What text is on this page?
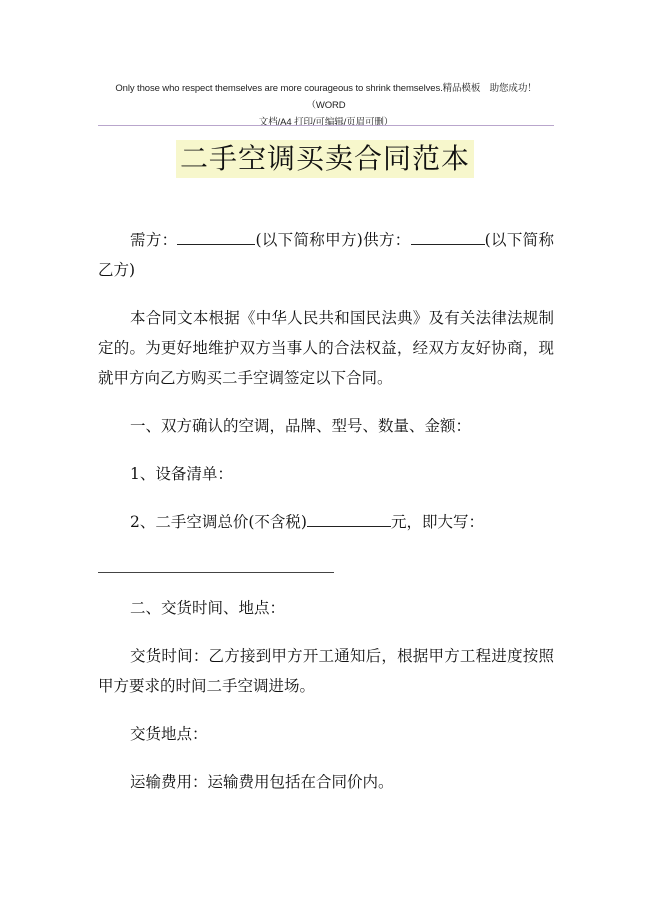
Only those who respect themselves are more courageous to shrink themselves.精品模板　助您成功！（WORD
文档/A4 打印/可编辑/页眉可删）
二手空调买卖合同范本

需方：	(以下简称甲方)供方：	(以下简称乙方)

本合同文本根据《中华人民共和国民法典》及有关法律法规制定的。为更好地维护双方当事人的合法权益，经双方友好协商，现就甲方向乙方购买二手空调签定以下合同。

一、双方确认的空调，品牌、型号、数量、金额：

1、设备清单：

2、二手空调总价(不含税)	元，即大写：

二、交货时间、地点：

交货时间：乙方接到甲方开工通知后，根据甲方工程进度按照甲方要求的时间二手空调进场。

交货地点：

运输费用：运输费用包括在合同价内。
